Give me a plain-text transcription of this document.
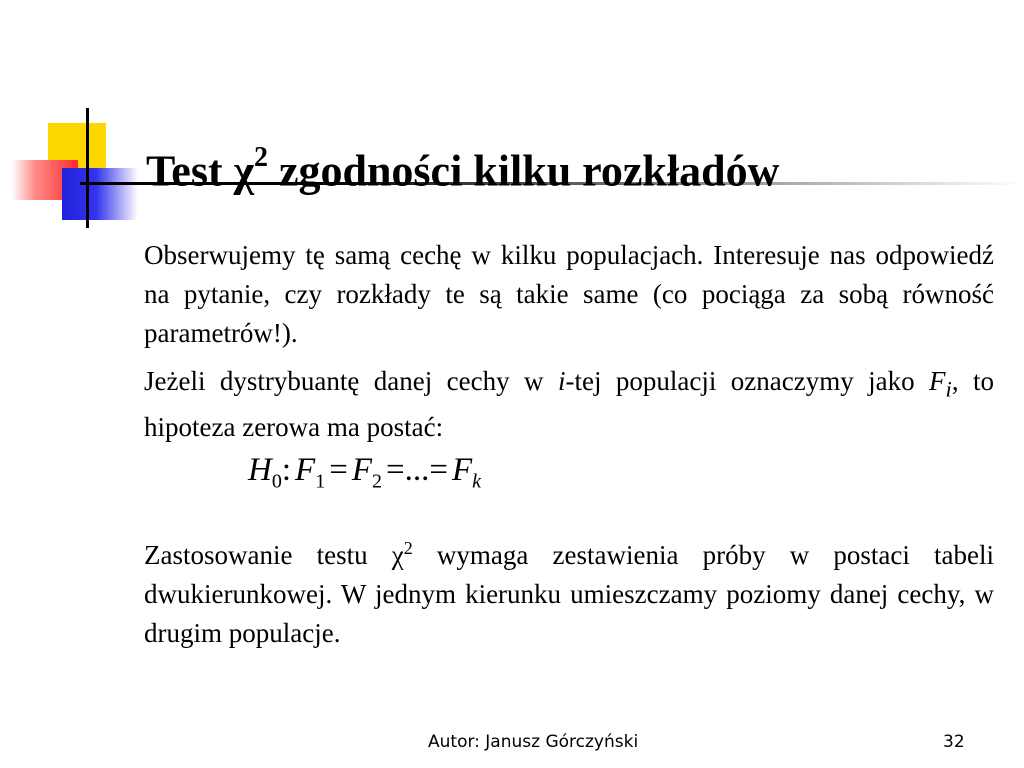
Test $\chi^2$ zgodności kilku rozkładów

Obserwujemy tę samą cechę w kilku populacjach. Interesuje nas odpowiedź na pytanie, czy rozkłady te są takie same (co pociąga za sobą równość parametrów!).

Jeżeli dystrybuantę danej cechy w i-tej populacji oznaczymy jako $F_i$, to hipoteza zerowa ma postać:

Zastosowanie testu $\chi^2$ wymaga zestawienia próby w postaci tabeli dwukierunkowej. W jednym kierunku umieszczamy poziomy danej cechy, w drugim populacje.

$H_0$: $F_1 = F_2$ =...= $F_k$
Autor: Janusz Górczyński	32
